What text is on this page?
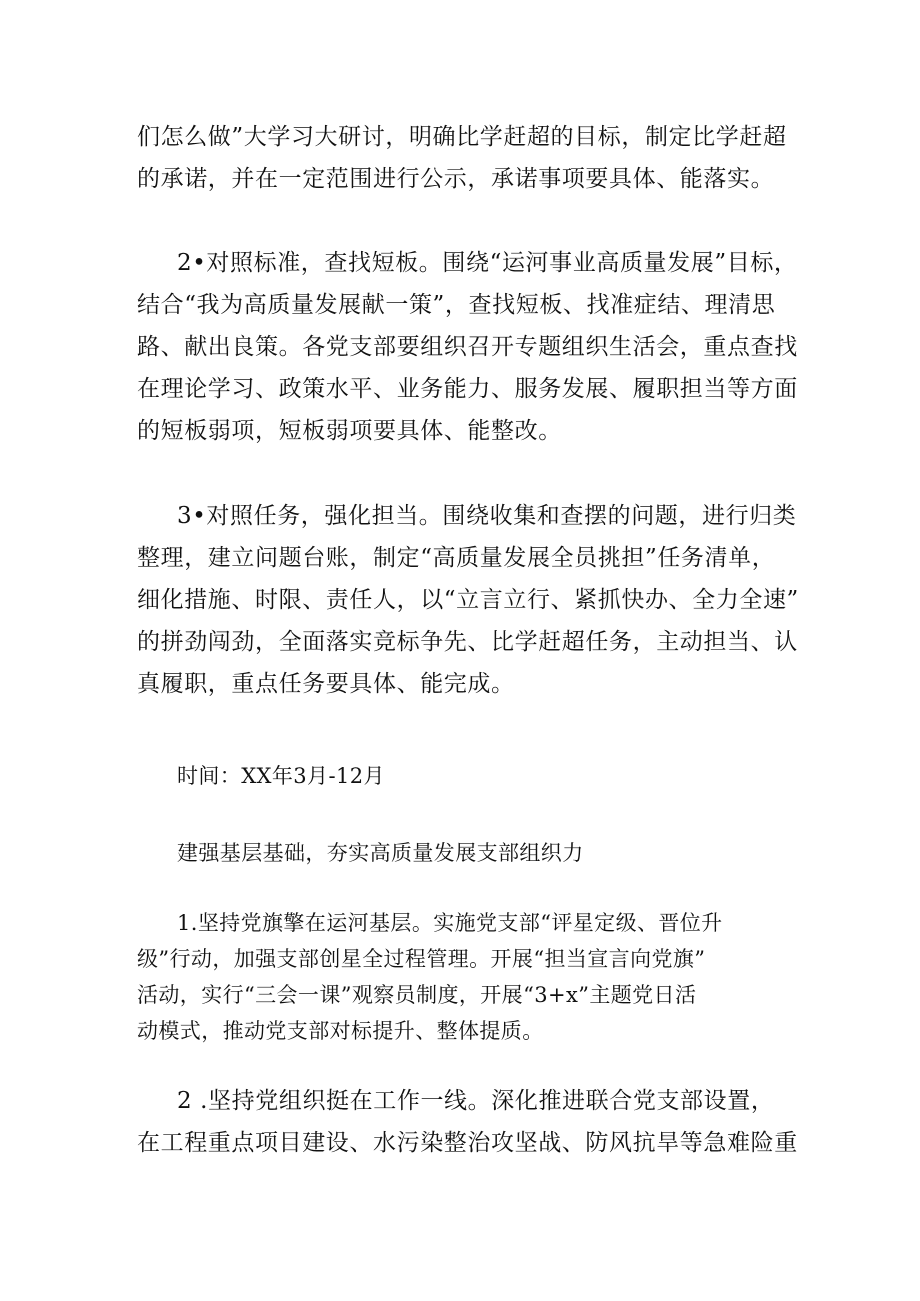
们怎么做”大学习大研讨，明确比学赶超的目标，制定比学赶超
的承诺，并在一定范围进行公示，承诺事项要具体、能落实。
2•对照标准，查找短板。围绕“运河事业高质量发展”目标，
结合“我为高质量发展献一策”，查找短板、找准症结、理清思
路、献出良策。各党支部要组织召开专题组织生活会，重点查找
在理论学习、政策水平、业务能力、服务发展、履职担当等方面
的短板弱项，短板弱项要具体、能整改。
3•对照任务，强化担当。围绕收集和查摆的问题，进行归类
整理，建立问题台账，制定“高质量发展全员挑担”任务清单，
细化措施、时限、责任人，以“立言立行、紧抓快办、全力全速”
的拼劲闯劲，全面落实竞标争先、比学赶超任务，主动担当、认
真履职，重点任务要具体、能完成。
时间：XX年3月-12月
建强基层基础，夯实高质量发展支部组织力
1.坚持党旗擎在运河基层。实施党支部“评星定级、晋位升
级”行动，加强支部创星全过程管理。开展“担当宣言向党旗”
活动，实行“三会一课”观察员制度，开展“3+x”主题党日活
动模式，推动党支部对标提升、整体提质。
2 .坚持党组织挺在工作一线。深化推进联合党支部设置，
在工程重点项目建设、水污染整治攻坚战、防风抗旱等急难险重
